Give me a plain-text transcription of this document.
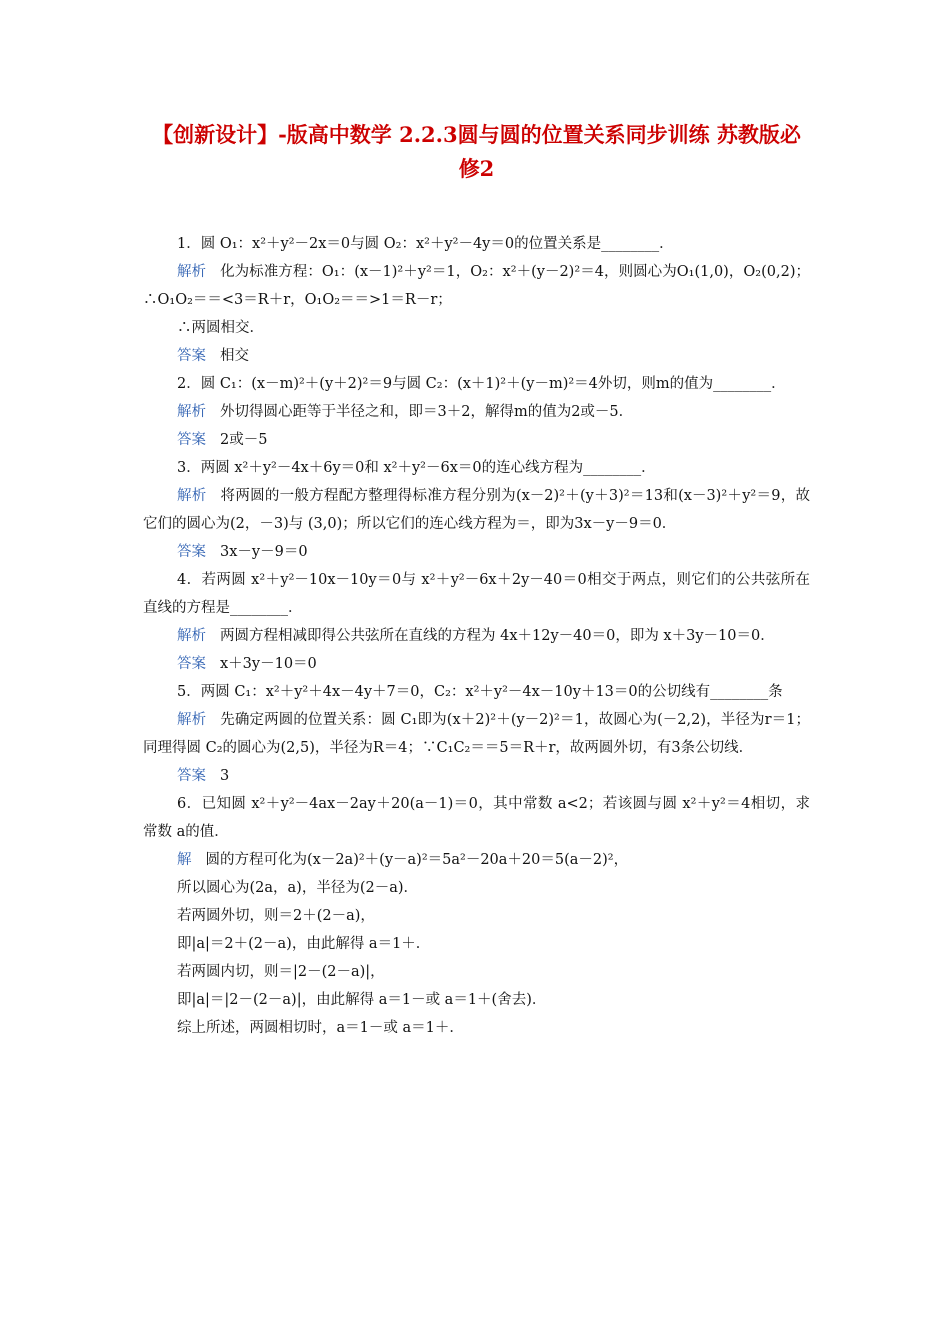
【创新设计】-版高中数学 2.2.3圆与圆的位置关系同步训练 苏教版必修2

1．圆 O₁：x²＋y²－2x＝0与圆 O₂：x²＋y²－4y＝0的位置关系是________．

解析 化为标准方程：O₁：(x－1)²＋y²＝1，O₂：x²＋(y－2)²＝4，则圆心为O₁(1,0)，O₂(0,2)；∴O₁O₂＝＝<3＝R＋r，O₁O₂＝＝>1＝R－r；

∴两圆相交．

答案 相交

2．圆 C₁：(x－m)²＋(y＋2)²＝9与圆 C₂：(x＋1)²＋(y－m)²＝4外切，则m的值为________．

解析 外切得圆心距等于半径之和，即＝3＋2，解得m的值为2或－5．

答案 2或－5

3．两圆 x²＋y²－4x＋6y＝0和 x²＋y²－6x＝0的连心线方程为________．

解析 将两圆的一般方程配方整理得标准方程分别为(x－2)²＋(y＋3)²＝13和(x－3)²＋y²＝9，故它们的圆心为(2，－3)与 (3,0)；所以它们的连心线方程为＝，即为3x－y－9＝0．

答案 3x－y－9＝0

4．若两圆 x²＋y²－10x－10y＝0与 x²＋y²－6x＋2y－40＝0相交于两点，则它们的公共弦所在直线的方程是________．

解析 两圆方程相减即得公共弦所在直线的方程为 4x＋12y－40＝0，即为 x＋3y－10＝0．

答案 x＋3y－10＝0

5．两圆 C₁：x²＋y²＋4x－4y＋7＝0，C₂：x²＋y²－4x－10y＋13＝0的公切线有________条

解析 先确定两圆的位置关系：圆 C₁即为(x＋2)²＋(y－2)²＝1，故圆心为(－2,2)，半径为r＝1；同理得圆 C₂的圆心为(2,5)，半径为R＝4；∵C₁C₂＝＝5＝R＋r，故两圆外切，有3条公切线．

答案 3

6．已知圆 x²＋y²－4ax－2ay＋20(a－1)＝0，其中常数 a<2；若该圆与圆 x²＋y²＝4相切，求常数 a的值．

解 圆的方程可化为(x－2a)²＋(y－a)²＝5a²－20a＋20＝5(a－2)²，

所以圆心为(2a，a)，半径为(2－a)．

若两圆外切，则＝2＋(2－a)，

即|a|＝2＋(2－a)，由此解得 a＝1＋．

若两圆内切，则＝|2－(2－a)|，

即|a|＝|2－(2－a)|，由此解得 a＝1－或 a＝1＋(舍去)．

综上所述，两圆相切时，a＝1－或 a＝1＋．
